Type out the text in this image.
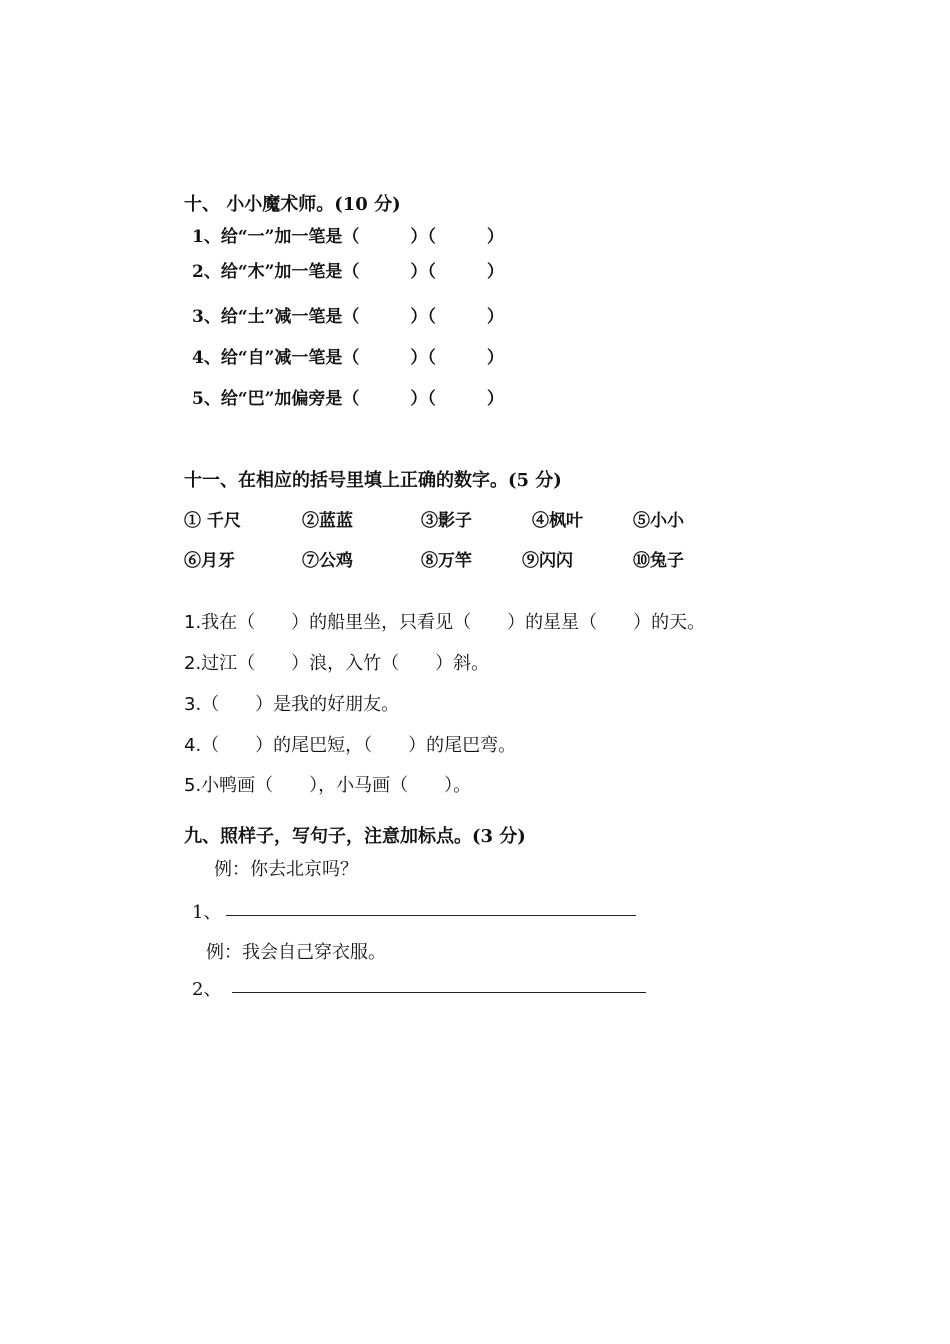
十、 小小魔术师。(10 分)
1、给“一”加一笔是（　　　）（　　　）
2、给“木”加一笔是（　　　）（　　　）
3、给“土”减一笔是（　　　）（　　　）
4、给“自”减一笔是（　　　）（　　　）
5、给“巴”加偏旁是（　　　）（　　　）
十一、在相应的括号里填上正确的数字。(5 分)
① 千尺	②蓝蓝	③影子	④枫叶	⑤小小
⑥月牙	⑦公鸡	⑧万竿	⑨闪闪	⑩兔子
1.我在（　　）的船里坐，只看见（　　）的星星（　　）的天。
2.过江（　　）浪，入竹（　　）斜。
3.（　　）是我的好朋友。
4.（　　）的尾巴短，（　　）的尾巴弯。
5.小鸭画（　　），小马画（　　）。
九、照样子，写句子，注意加标点。(3 分)
例：你去北京吗？
1、
例：我会自己穿衣服。
2、
